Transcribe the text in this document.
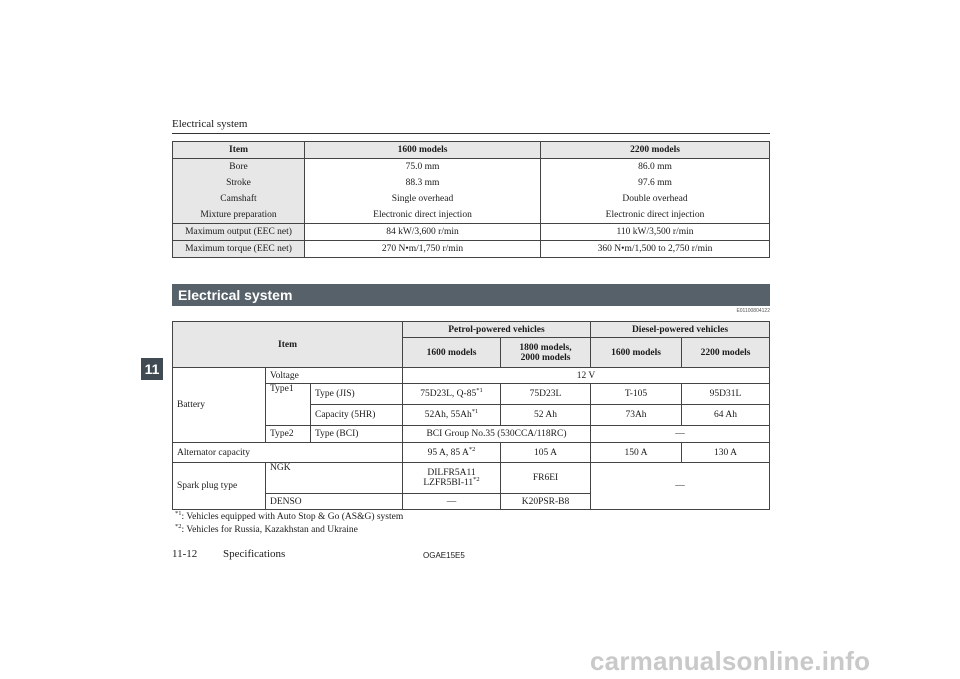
Electrical system
11
Item	1600 models	2200 models
Bore	75.0 mm	86.0 mm
Stroke	88.3 mm	97.6 mm
Camshaft	Single overhead	Double overhead
Mixture preparation	Electronic direct injection	Electronic direct injection
Maximum output (EEC net)	84 kW/3,600 r/min	110 kW/3,500 r/min
Maximum torque (EEC net)	270 N•m/1,750 r/min	360 N•m/1,500 to 2,750 r/min
Electrical system
E01100804122
Item			Petrol-powered vehicles		Diesel-powered vehicles	
			1600 models	1800 models,
2000 models	1600 models	2200 models
Battery	Voltage		12 V			
	Type1	Type (JIS)	75D23L, Q-85$^{*1}$	75D23L	T-105	95D31L
		Capacity (5HR)	52Ah, 55Ah$^{*1}$	52 Ah	73Ah	64 Ah
	Type2	Type (BCI)	BCI Group No.35 (530CCA/118RC)		—	
Alternator capacity			95 A, 85 $A^{*2}$	105 A	150 A	130 A
Spark plug type	NGK		DILFR5A11
LZFR5BI-11$^{*2}$	FR6EI	—	
	DENSO		—	K20PSR-B8		
$^{*1}$: Vehicles equipped with Auto Stop & Go (AS&G) system
$^{*2}$: Vehicles for Russia, Kazakhstan and Ukraine
11-12 Specifications	OGAE15E5
carmanualsonline.info
